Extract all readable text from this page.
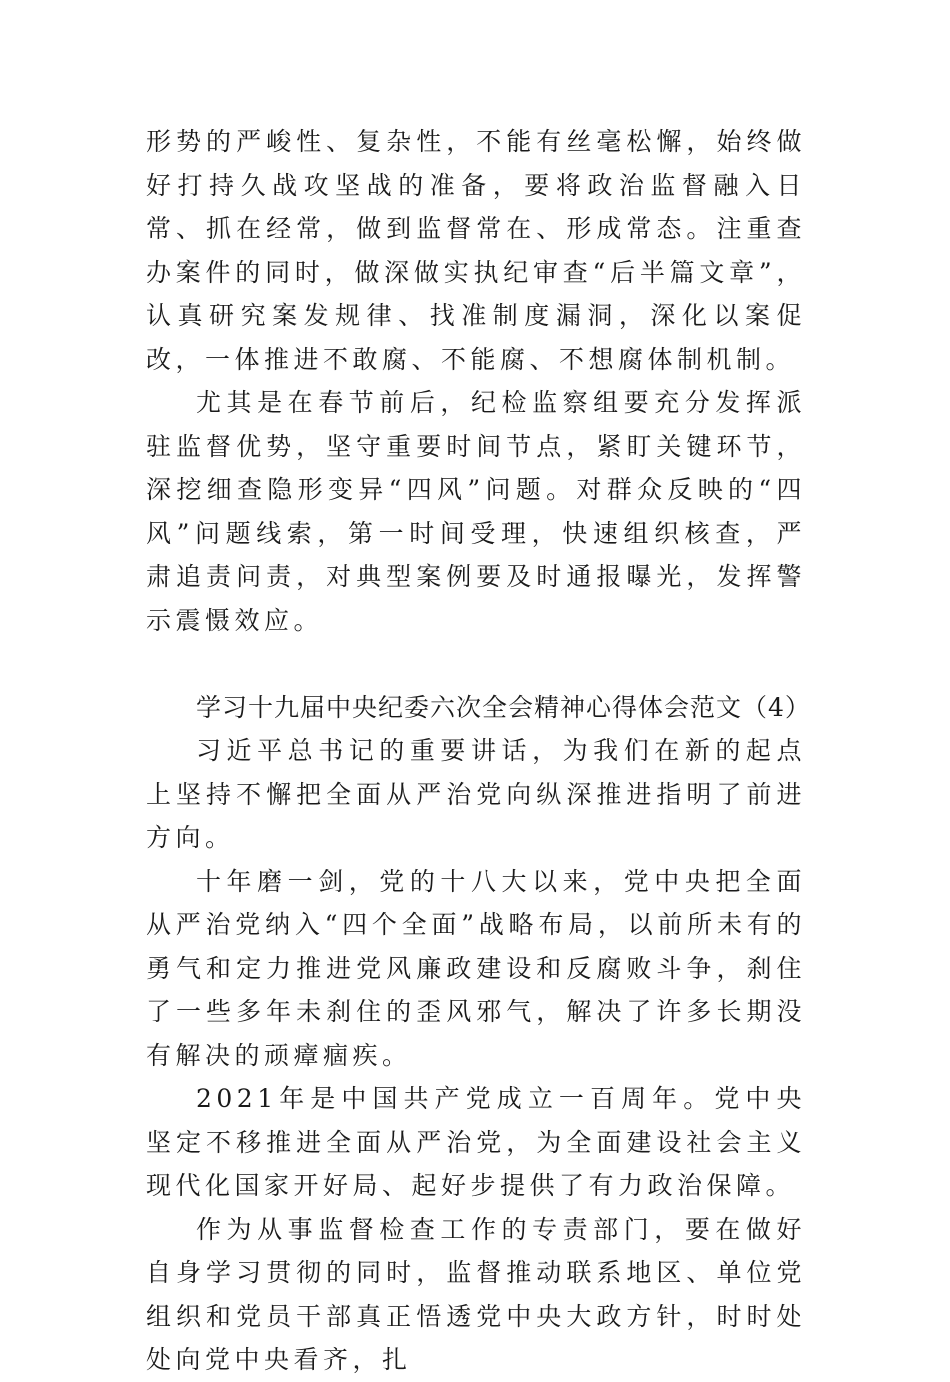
形势的严峻性、复杂性，不能有丝毫松懈，始终做好打持久战攻坚战的准备，要将政治监督融入日常、抓在经常，做到监督常在、形成常态。注重查办案件的同时，做深做实执纪审查“后半篇文章”，认真研究案发规律、找准制度漏洞，深化以案促改，一体推进不敢腐、不能腐、不想腐体制机制。

尤其是在春节前后，纪检监察组要充分发挥派驻监督优势，坚守重要时间节点，紧盯关键环节，深挖细查隐形变异“四风”问题。对群众反映的“四风”问题线索，第一时间受理，快速组织核查，严肃追责问责，对典型案例要及时通报曝光，发挥警示震慑效应。

学习十九届中央纪委六次全会精神心得体会范文（4）

习近平总书记的重要讲话，为我们在新的起点上坚持不懈把全面从严治党向纵深推进指明了前进方向。

十年磨一剑，党的十八大以来，党中央把全面从严治党纳入“四个全面”战略布局，以前所未有的勇气和定力推进党风廉政建设和反腐败斗争，刹住了一些多年未刹住的歪风邪气，解决了许多长期没有解决的顽瘴痼疾。

2021年是中国共产党成立一百周年。党中央坚定不移推进全面从严治党，为全面建设社会主义现代化国家开好局、起好步提供了有力政治保障。

作为从事监督检查工作的专责部门，要在做好自身学习贯彻的同时，监督推动联系地区、单位党组织和党员干部真正悟透党中央大政方针，时时处处向党中央看齐，扎
